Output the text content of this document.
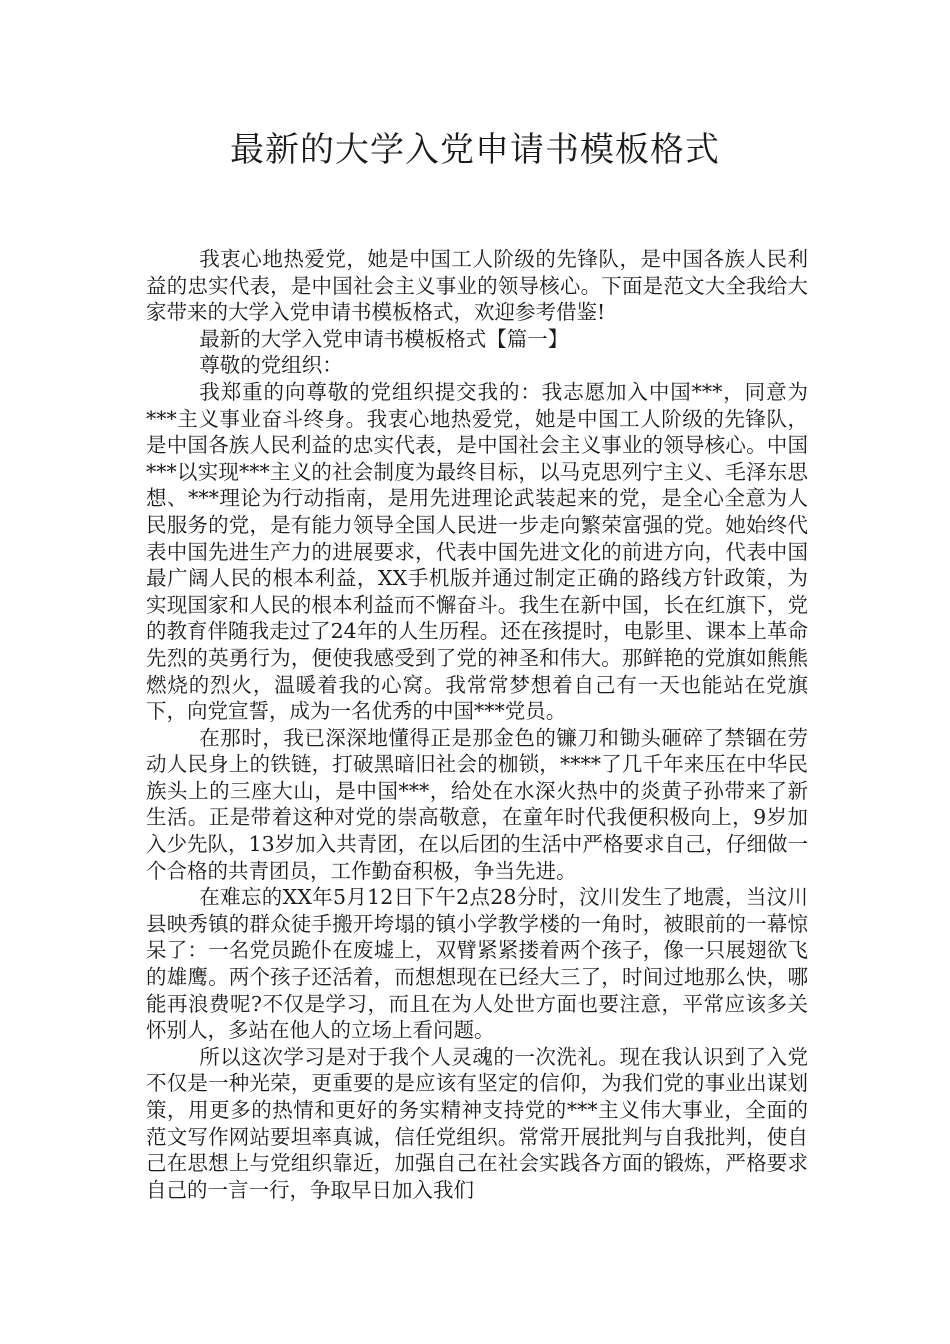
最新的大学入党申请书模板格式

我衷心地热爱党，她是中国工人阶级的先锋队，是中国各族人民利益的忠实代表，是中国社会主义事业的领导核心。下面是范文大全我给大家带来的大学入党申请书模板格式，欢迎参考借鉴!

最新的大学入党申请书模板格式【篇一】

尊敬的党组织：

我郑重的向尊敬的党组织提交我的：我志愿加入中国***，同意为***主义事业奋斗终身。我衷心地热爱党，她是中国工人阶级的先锋队，是中国各族人民利益的忠实代表，是中国社会主义事业的领导核心。中国***以实现***主义的社会制度为最终目标，以马克思列宁主义、毛泽东思想、***理论为行动指南，是用先进理论武装起来的党，是全心全意为人民服务的党，是有能力领导全国人民进一步走向繁荣富强的党。她始终代表中国先进生产力的进展要求，代表中国先进文化的前进方向，代表中国最广阔人民的根本利益，XX手机版并通过制定正确的路线方针政策，为实现国家和人民的根本利益而不懈奋斗。我生在新中国，长在红旗下，党的教育伴随我走过了24年的人生历程。还在孩提时，电影里、课本上革命先烈的英勇行为，便使我感受到了党的神圣和伟大。那鲜艳的党旗如熊熊燃烧的烈火，温暖着我的心窝。我常常梦想着自己有一天也能站在党旗下，向党宣誓，成为一名优秀的中国***党员。

在那时，我已深深地懂得正是那金色的镰刀和锄头砸碎了禁锢在劳动人民身上的铁链，打破黑暗旧社会的枷锁，****了几千年来压在中华民族头上的三座大山，是中国***，给处在水深火热中的炎黄子孙带来了新生活。正是带着这种对党的崇高敬意，在童年时代我便积极向上，9岁加入少先队，13岁加入共青团，在以后团的生活中严格要求自己，仔细做一个合格的共青团员，工作勤奋积极，争当先进。

在难忘的XX年5月12日下午2点28分时，汶川发生了地震，当汶川县映秀镇的群众徒手搬开垮塌的镇小学教学楼的一角时，被眼前的一幕惊呆了：一名党员跪仆在废墟上，双臂紧紧搂着两个孩子，像一只展翅欲飞的雄鹰。两个孩子还活着，而想想现在已经大三了，时间过地那么快，哪能再浪费呢?不仅是学习，而且在为人处世方面也要注意，平常应该多关怀别人，多站在他人的立场上看问题。

所以这次学习是对于我个人灵魂的一次洗礼。现在我认识到了入党不仅是一种光荣，更重要的是应该有坚定的信仰，为我们党的事业出谋划策，用更多的热情和更好的务实精神支持党的***主义伟大事业，全面的范文写作网站要坦率真诚，信任党组织。常常开展批判与自我批判，使自己在思想上与党组织靠近，加强自己在社会实践各方面的锻炼，严格要求自己的一言一行，争取早日加入我们
